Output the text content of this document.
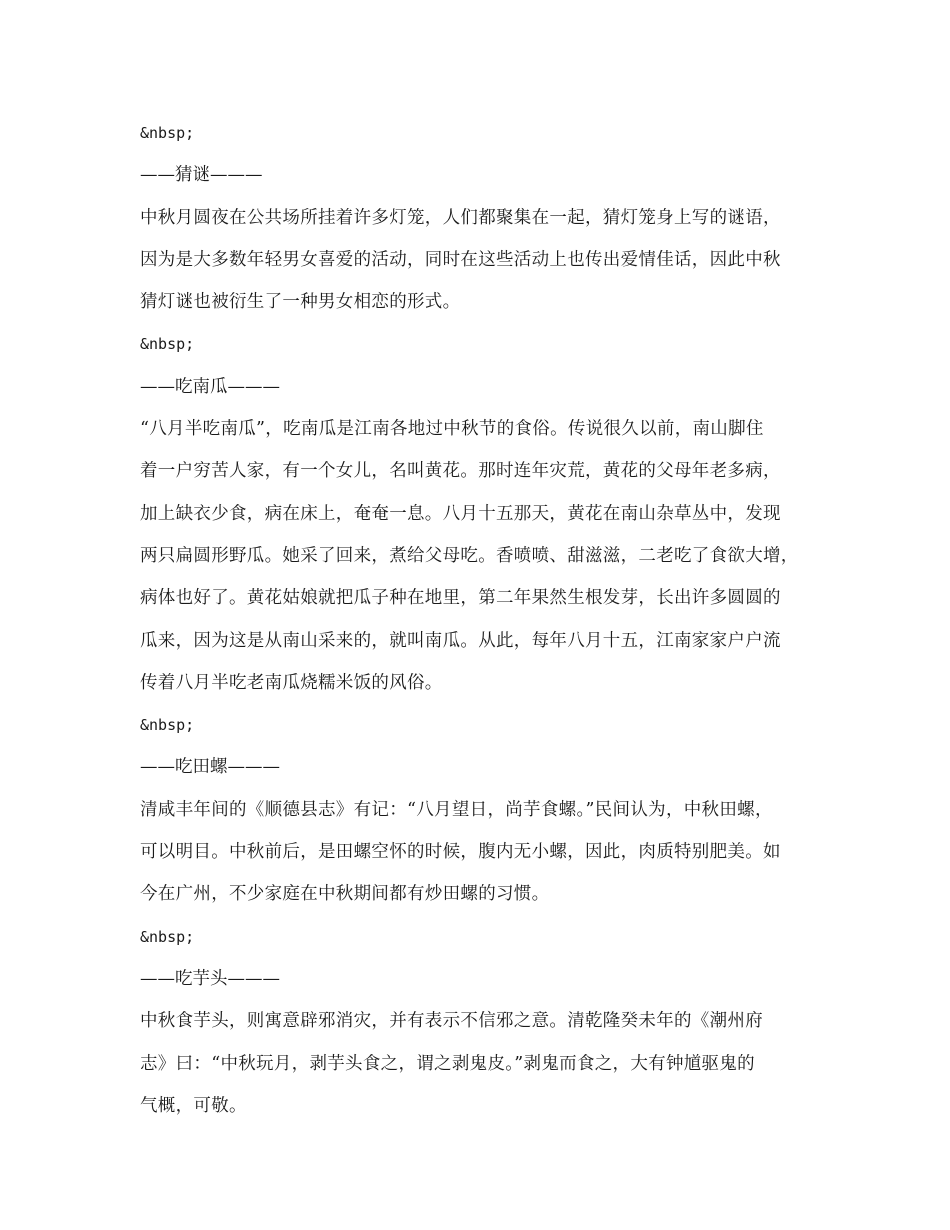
&nbsp;
——猜谜———
中秋月圆夜在公共场所挂着许多灯笼，人们都聚集在一起，猜灯笼身上写的谜语，
因为是大多数年轻男女喜爱的活动，同时在这些活动上也传出爱情佳话，因此中秋
猜灯谜也被衍生了一种男女相恋的形式。
&nbsp;
——吃南瓜———
“八月半吃南瓜”，吃南瓜是江南各地过中秋节的食俗。传说很久以前，南山脚住
着一户穷苦人家，有一个女儿，名叫黄花。那时连年灾荒，黄花的父母年老多病，
加上缺衣少食，病在床上，奄奄一息。八月十五那天，黄花在南山杂草丛中，发现
两只扁圆形野瓜。她采了回来，煮给父母吃。香喷喷、甜滋滋，二老吃了食欲大增，
病体也好了。黄花姑娘就把瓜子种在地里，第二年果然生根发芽，长出许多圆圆的
瓜来，因为这是从南山采来的，就叫南瓜。从此，每年八月十五，江南家家户户流
传着八月半吃老南瓜烧糯米饭的风俗。
&nbsp;
——吃田螺———
清咸丰年间的《顺德县志》有记：“八月望日，尚芋食螺。”民间认为，中秋田螺，
可以明目。中秋前后，是田螺空怀的时候，腹内无小螺，因此，肉质特别肥美。如
今在广州，不少家庭在中秋期间都有炒田螺的习惯。
&nbsp;
——吃芋头———
中秋食芋头，则寓意辟邪消灾，并有表示不信邪之意。清乾隆癸未年的《潮州府
志》曰：“中秋玩月，剥芋头食之，谓之剥鬼皮。”剥鬼而食之，大有钟馗驱鬼的
气概，可敬。
